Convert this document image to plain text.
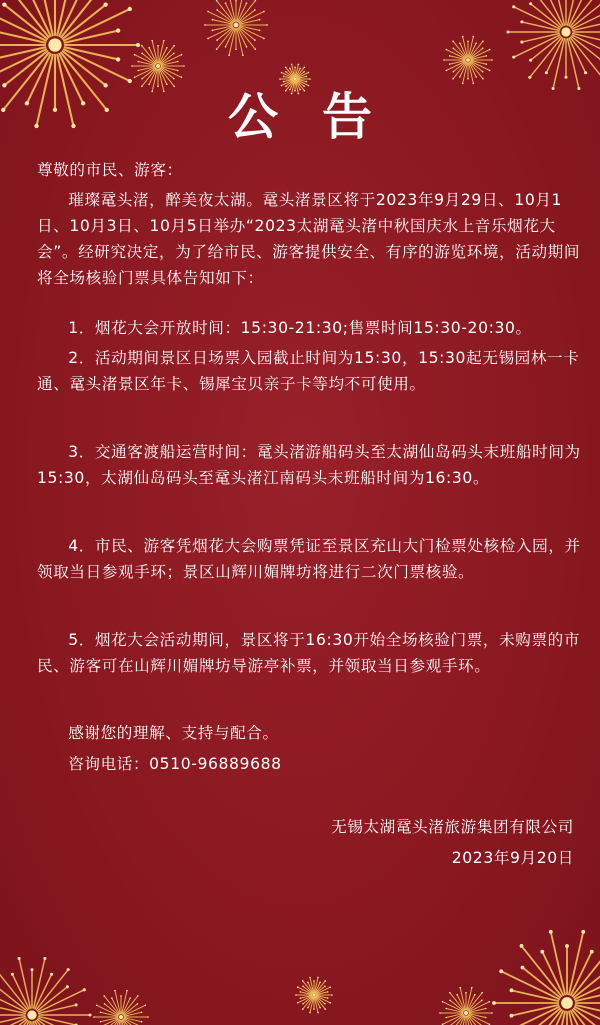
公告
尊敬的市民、游客：
璀璨鼋头渚，醉美夜太湖。鼋头渚景区将于2023年9月29日、10月1日、10月3日、10月5日举办“2023太湖鼋头渚中秋国庆水上音乐烟花大会”。经研究决定，为了给市民、游客提供安全、有序的游览环境，活动期间将全场核验门票具体告知如下：
1．烟花大会开放时间：15:30-21:30;售票时间15:30-20:30。
2．活动期间景区日场票入园截止时间为15:30，15:30起无锡园林一卡通、鼋头渚景区年卡、锡犀宝贝亲子卡等均不可使用。
3．交通客渡船运营时间：鼋头渚游船码头至太湖仙岛码头末班船时间为15:30，太湖仙岛码头至鼋头渚江南码头末班船时间为16:30。
4．市民、游客凭烟花大会购票凭证至景区充山大门检票处核检入园，并领取当日参观手环；景区山辉川媚牌坊将进行二次门票核验。
5．烟花大会活动期间，景区将于16:30开始全场核验门票，未购票的市民、游客可在山辉川媚牌坊导游亭补票，并领取当日参观手环。
感谢您的理解、支持与配合。
咨询电话：0510-96889688
无锡太湖鼋头渚旅游集团有限公司
2023年9月20日
